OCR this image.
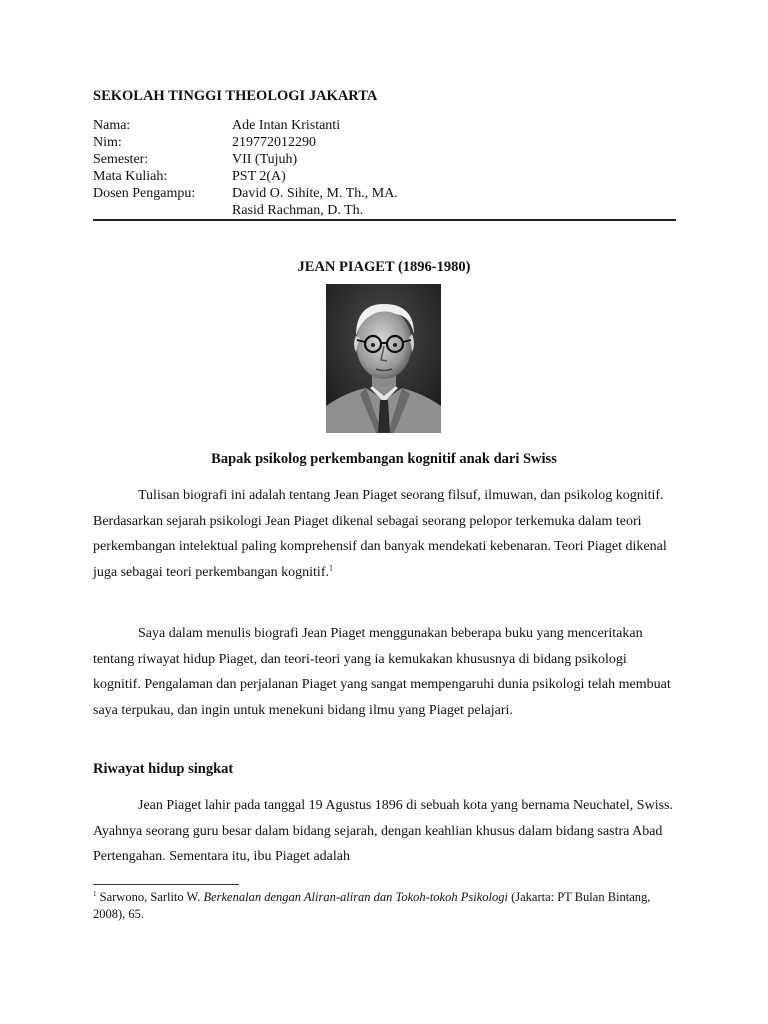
SEKOLAH TINGGI THEOLOGI JAKARTA
Nama:	Ade Intan Kristanti
Nim:	219772012290
Semester:	VII (Tujuh)
Mata Kuliah:	PST 2(A)
Dosen Pengampu:	David O. Sihite, M. Th., MA.
Rasid Rachman, D. Th.
JEAN PIAGET (1896-1980)
Bapak psikolog perkembangan kognitif anak dari Swiss

Tulisan biografi ini adalah tentang Jean Piaget seorang filsuf, ilmuwan, dan psikolog kognitif. Berdasarkan sejarah psikologi Jean Piaget dikenal sebagai seorang pelopor terkemuka dalam teori perkembangan intelektual paling komprehensif dan banyak mendekati kebenaran. Teori Piaget dikenal juga sebagai teori perkembangan kognitif.$^1$

Saya dalam menulis biografi Jean Piaget menggunakan beberapa buku yang menceritakan tentang riwayat hidup Piaget, dan teori-teori yang ia kemukakan khususnya di bidang psikologi kognitif. Pengalaman dan perjalanan Piaget yang sangat mempengaruhi dunia psikologi telah membuat saya terpukau, dan ingin untuk menekuni bidang ilmu yang Piaget pelajari.

Riwayat hidup singkat

Jean Piaget lahir pada tanggal 19 Agustus 1896 di sebuah kota yang bernama Neuchatel, Swiss. Ayahnya seorang guru besar dalam bidang sejarah, dengan keahlian khusus dalam bidang sastra Abad Pertengahan. Sementara itu, ibu Piaget adalah

$^1$ Sarwono, Sarlito W. Berkenalan dengan Aliran-aliran dan Tokoh-tokoh Psikologi (Jakarta: PT Bulan Bintang, 2008), 65.
